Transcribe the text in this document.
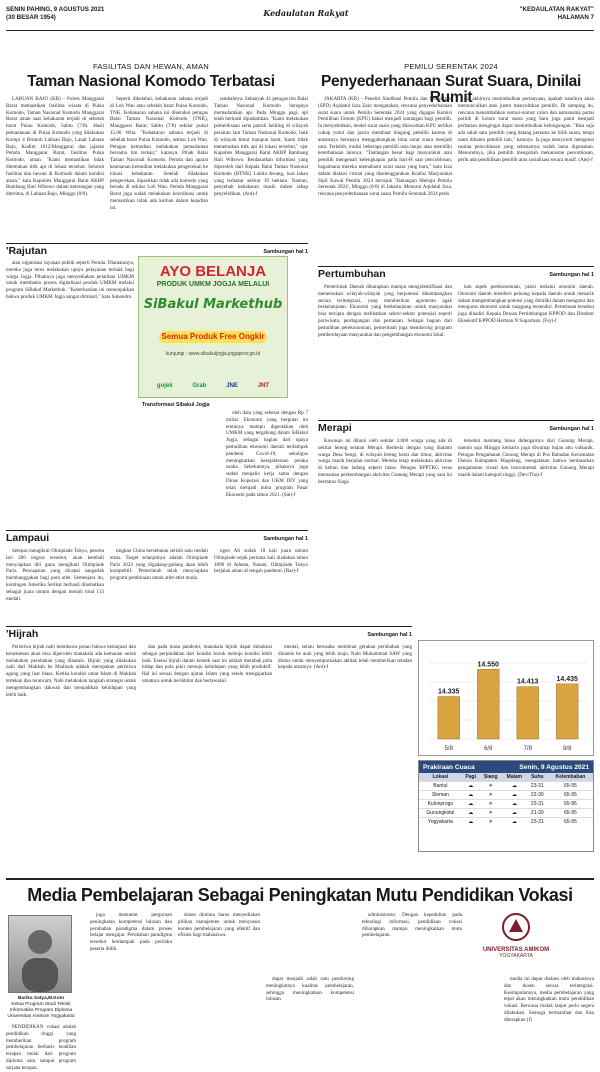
SENIN PAHING, 9 AGUSTUS 2021
(30 BESAR 1954)	Kedaulatan Rakyat	"KEDAULATAN RAKYAT"
HALAMAN 7
FASILITAS DAN HEWAN, AMAN
Taman Nasional Komodo Terbatasi

LABUAN BAJO (KR) - Polres Manggarai Barat memastikan fasilitas wisata di Pulau Komodo, Taman Nasional Komodo Manggarai Barat aman saat kebakaran terjadi di sebelah barat Pulau Komodo, Sabtu (7/8). Hasil pemantauan di Pulau Komodo yang dilakukan Kompi 4 Brimob Labuan Bajo, Lanal Labuan Bajo, Kodim 1612/Manggarai dan jajaran Pemda Manggarai Barat, fasilitas Pulau Komodo, aman. "Kami memastikan tidak ditemukan titik api di lokasi tersebut. Seluruh fasilitas dan hewan di Komodo dalam kondisi aman," kata Kapolres Manggarai Barat AKBP Bambang Hari Wibowo dalam keterangan yang diterima, di Labuan Bajo, Minggu (8/8).

Seperti diketahui, kebakaran sabana terjadi di Loh Wau atau sebelah barat Pulau Komodo, TNK. Kebakaran sabana ini diketahui petugas Balai Taman Nasional Komodo (TNK), Manggarai Barat, Sabtu (7/8) sekitar pukul 15.00 Wita. "Kebakaran sabana terjadi di sebelah barat Pulau Komodo, sekitar Loh Wau. Petugas kemudian melakukan pemadaman bersama tim terkait," katanya. Pihak Balai Taman Nasional Komodo, Pemda dan aparat keamanan kemudian melakukan pengecekan ke lokasi kebakaran. Setelah dilakukan pengecekan, dipastikan tidak ada komodo yang berada di sekitar Loh Wau. Pemda Manggarai Barat juga sudah melakukan koordinasi untuk memastikan tidak ada korban dalam kejadian ini.

tambahnya. Sebanyak 41 petugas tim Balai Taman Nasional Komodo berupaya memadamkan api. Pada Minggu pagi, api telah berhasil dipadamkan. "Kami melakukan pemeriksaan serta patroli keliling di wilayah perairan laut Taman Nasional Komodo, baik di wilayah timur maupun barat. Kami tidak menemukan titik api di lokasi tersebut," ujar Kapolres Manggarai Barat AKBP Bambang Hari Wibowo. Berdasarkan informasi yang diperoleh dari Kepala Balai Taman Nasional Komodo (BTNK) Lukita Awang, luas lahan yang terbakar sekitar 10 hektare. Namun, penyebab kebakaran masih dalam tahap penyelidikan. (Ant)-f

PEMILU SERENTAK 2024
Penyederhanaan Surat Suara, Dinilai Rumit

JAKARTA (KR) - Peneliti Sindikasi Pemilu dan Demokrasi (SPD) Aqidatul Izza Zain mengatakan, rencana penyederhanaan surat suara untuk Pemilu Serentak 2024 yang digagas Komisi Pemilihan Umum (KPU) bakal menjadi tantangan bagi pemilih. Ia menyebutkan, model surat suara yang ditawarkan KPU terlihat cukup rumit dan justru membuat bingung pemilih karena di antaranya berupaya menggabungkan lima surat suara menjadi satu. Terlebih, tradisi beberapa pemilih usia lanjut atau memiliki keterbatasan lainnya. "Tantangan besar bagi masyarakat atau pemilih mengenali kelengkapan pada hari-H saat pencoblosan, bagaimana mereka memahami surat suara yang baru," kata Izza dalam diskusi virtual yang diselenggarakan Koalisi Masyarakat Sipil Kawal Pemilu 2024 bertajuk 'Tantangan Menuju Pemilu Serentak 2024', Minggu (8/8) di Jakarta. Menurut Aqidatul Izza, rencana penyederhanaan surat suara Pemilu Serentak 2024 perlu

dia akhirnya menimbulkan pertanyaan, apakah nantinya akan memunculkan atau justru menyulitkan pemilih. Di samping itu, rencana menambahkan nomor-nomor calon dan namanama partai politik di kolom surat suara yang baru juga patut menjadi perhatian mengingat dapat menimbulkan kebingungan. "Bisa saja ada salah satu pemilih yang datang pertama ke bilik suara, tetapi nanti dibantu pemilih lain," katanya. Ia juga menyoroti mengenai usulan pencoblosan yang sebenarnya sudah lama digunakan. Menurutnya, jika pemilih mengubah mekanisme pencoblosan, perlu ada pendidikan pemilih atau sosialisasi secara masif. (Ant)-f

'Rajutan	Sambungan hal 1

atau organisasi layanan publik seperti Pemda. Diantaranya, mereka juga terus melakukan upaya pelayanan terbaik bagi warga Jogja. Pihaknya juga menyediakan pelatihan UMKM untuk membantu proses digitalisasi produk UMKM melalui program SiBakul Markethub. "Keberhasilan ini menunjukkan bahwa produk UMKM Jogja sangat diminati," kata Suhendro.

oleh data yang sebesar dengan Rp 7 miliar. Ekonomi yang berputar itu tentunya mampu digerakkan oleh UMKM yang tergabung dalam SiBakul Jogja, sebagai bagian dari upaya pemulihan ekonomi daerah terdampak pandemi Covid-19, sekaligus meningkatkan kesejahteraan pelaku usaha. Sebelumnya, pihaknya juga sudah menjalin kerja sama dengan Dinas Koperasi dan UKM DIY yang telah menjadi mitra program Pasar Ekonomi pada tahun 2021. (Sal)-f

AYO BELANJA
PRODUK UMKM JOGJA MELALUI
SiBakul Markethub
Semua Produk Free Ongkir
kunjungi : www.sibakuljogja.jogjaprov.go.id
gojek	Grab	JNE	JNT
Transformasi Sibakul Jogja
Pertumbuhan	Sambungan hal 1

Pemerintah Daerah diharapkan mampu mengidentifikasi dan menemukan wilayah-wilayah yang berpotensi dikembangkan secara terintegrasi, yang memberikan agomeran agak berkelanjutan. Ekonomi yang berkelanjutan untuk masyarakat bisa tercipta dengan melibatkan sektor-sektor potensial seperti pariwisata, perdagangan dan pertanian. Sebagai bagian dari pemulihan perekonomian, pemerintah juga mendorong program pemberdayaan masyarakat dan pengembangan ekonomi lokal.

lam aspek perekonomian, yakni melalui otonomi daerah. Otonomi daerah memberi peluang kepada daerah untuk menarik dalam mengembangkan potensi yang dimiliki dalam mengatur dan mengurus ekonomi untuk tanggung tersendiri. Pertemuan tersebut juga dihadiri Kepala Dewan Pertimbangan KPPOD dan Direktur Eksekutif KPPOD Herman N Suparman. (Fsy)-f

Merapi	Sambungan hal 1

Kawasan ini dihuni oleh sekitar 3.000 warga yang ada di sekitar lereng selatan Merapi. Berbeda dengan yang dialami warga Desa Sengi, di wilayah lereng barat dan timur, aktivitas warga masih berjalan normal. Mereka tetap melakukan aktivitas di kebun dan ladang seperti biasa. Petugas BPPTKG terus memantau perkembangan aktivitas Gunung Merapi yang saat ini berstatus Siaga.

tersebut memang biasa didengarnya dari Gunung Merapi, namun saja Minggu kemarin juga diwarnai hujan abu vulkanik. Petugas Pengamatan Gunung Merapi di Pos Babadan Kecamatan Dukun Kabupaten Magelang, mengatakan bahwa berdasarkan pengamatan visual dan instrumental aktivitas Gunung Merapi masih dalam kategori tinggi. (Dev/Tha)-f

Lampaui	Sambungan hal 1

Selepas mengikuti Olimpiade Tokyo, peserta lari 206 negara tersebut, akan kembali menyiapkan diri guna mengikuti Olimpiade Paris. Pencapaian yang dicapai sangatlah membanggakan bagi para atlet. Semenjara itu, kontingen Amerika Serikat berhasil dinobatkan sebagai juara umum dengan meraih total 113 medali.

tingkan China bersebaran selisih satu medali emas. Target selanjutnya adalah Olimpiade Paris 2024 yang digadang-gadang akan lebih kompetitif. Pemerintah telah menyiapkan program pembinaan untuk atlet-atlet muda.

ngen AS sudah 18 kali juara umum Olimpiade sejak pertama kali diadakan tahun 1896 di Athena, Yunani. Olimpiade Tokyo berjalan aman di tengah pandemi. (Rar)-f

'Hijrah	Sambungan hal 1

Peristiwa hijrah nabi membawa pesan bahwa kemajuan dan kesuksesan akan bisa diperoleh manakala ada kemauan untuk melakukan perubahan yang dinamis. Hijrah yang dilakukan nabi dari Makkah ke Madinah adalah merupakan peristiwa agung yang luar biasa. Ketika kondisi umat Islam di Makkah tertekan dan terancam, Nabi melakukan langkah strategis untuk mengembangkan dakwah dan menjadikan kehidupan yang lebih baik.

dan pada masa pandemi, manakala hijrah dapat dimaknai sebagai perpindahan dari kondisi buruk menuju kondisi lebih baik. Esensi hijrah dalam kontek saat ini adalah merubah pola hidup dan pola pikir menuju kehidupan yang lebih produktif. Hal ini sesuai dengan ajaran Islam yang selalu mengajarkan umatnya untuk berikhtiar dan bertawakal.

mental, selalu berusaha membuat gerakan perubahan yang dinamis ke arah yang lebih maju. Nabi Muhammad SAW yang diutus untuk menyempurnakan akhlak telah memberikan teladan kepada umatnya. (Ant)-f

14.335
5/8
14.550
6/8
14.413
7/8
14.435
8/8
Prakiraan Cuaca	Senin, 9 Agustus 2021
Lokasi	Pagi	Siang	Malam	Suhu	Kelembaban
Bantul	☁	☀	☁	23-31	65-95
Sleman	☁	☀	☁	22-30	65-95
Kulonprogo	☁	☀	☁	23-31	65-95
Gunungkidul	☁	☀	☁	21-30	65-95
Yogyakarta	☁	☀	☁	23-31	65-95
Media Pembelajaran Sebagai Peningkatan Mutu Pendidikan Vokasi
Barika Satya,M.Kom
Ketua Program Studi Teknik Informatika Program Diploma Universitas Amikom Yogyakarta

PENDIDIKAN vokasi adalah pendidikan tinggi yang memberikan program pembelajaran berbasis keahlian terapan mulai dari program diploma satu sampai program sarjana terapan.

juga menuntut perguruan peningkatan kompetensi lulusan dan perubahan paradigma dalam proses belajar mengajar. Perubahan paradigma tersebut berdampak pada perilaku peserta didik.

dosen diminta harus menyediakan pilihan manajemen untuk menyusun konten pembelajaran yang efektif dan efisien bagi mahasiswa.

dapat menjadi salah satu pendorong meningkatnya kualitas pembelajaran, sehingga meningkatkan kompetensi lulusan.

administrator. Dengan kepedulian pada teknologi informasi, pendidikan vokasi diharapkan mampu meningkatkan mutu pembelajaran.

media ini dapat diakses oleh mahasiswa dan dosen secara terintegrasi. Kesimpulannya, media pembelajaran yang tepat akan meningkatkan mutu pendidikan vokasi. Rencana tindak lanjut perlu segera dilakukan. Semoga bermanfaat dan bisa diterapkan (f)

UNIVERSITAS AMIKOM
YOGYAKARTA
